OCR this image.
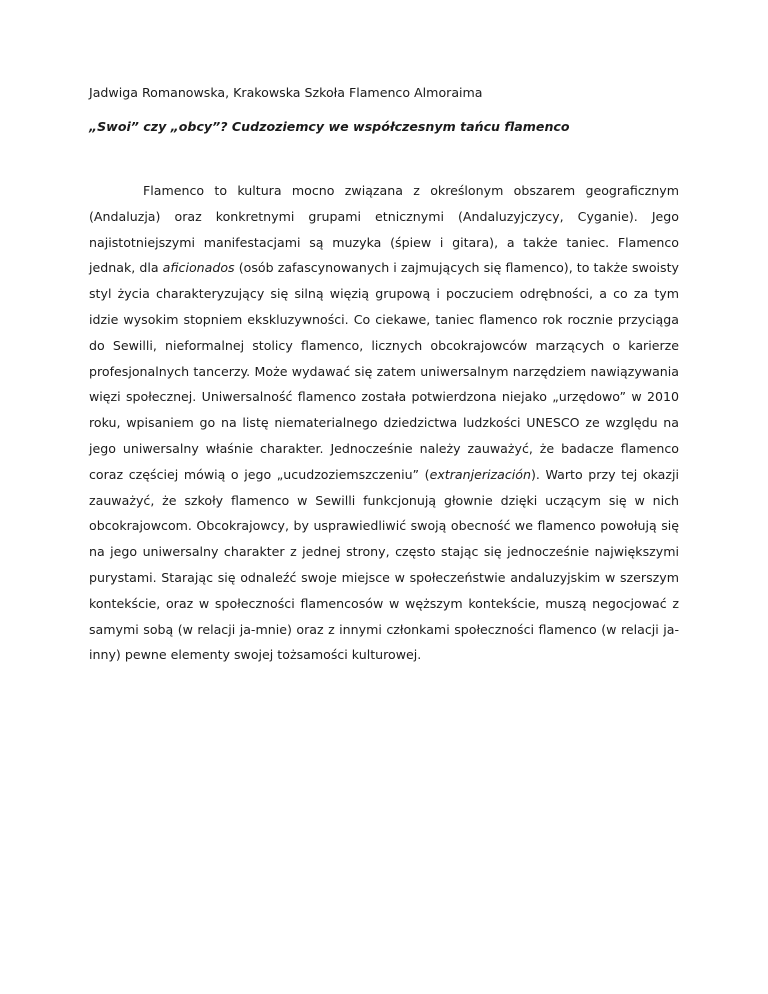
Jadwiga Romanowska, Krakowska Szkoła Flamenco Almoraima
„Swoi” czy „obcy”? Cudzoziemcy we współczesnym tańcu flamenco

Flamenco to kultura mocno związana z określonym obszarem geograficznym (Andaluzja) oraz konkretnymi grupami etnicznymi (Andaluzyjczycy, Cyganie). Jego najistotniejszymi manifestacjami są muzyka (śpiew i gitara), a także taniec. Flamenco jednak, dla aficionados (osób zafascynowanych i zajmujących się flamenco), to także swoisty styl życia charakteryzujący się silną więzią grupową i poczuciem odrębności, a co za tym idzie wysokim stopniem ekskluzywności. Co ciekawe, taniec flamenco rok rocznie przyciąga do Sewilli, nieformalnej stolicy flamenco, licznych obcokrajowców marzących o karierze profesjonalnych tancerzy. Może wydawać się zatem uniwersalnym narzędziem nawiązywania więzi społecznej. Uniwersalność flamenco została potwierdzona niejako „urzędowo” w 2010 roku, wpisaniem go na listę niematerialnego dziedzictwa ludzkości UNESCO ze względu na jego uniwersalny właśnie charakter. Jednocześnie należy zauważyć, że badacze flamenco coraz częściej mówią o jego „ucudzoziemszczeniu” (extranjerización). Warto przy tej okazji zauważyć, że szkoły flamenco w Sewilli funkcjonują głownie dzięki uczącym się w nich obcokrajowcom. Obcokrajowcy, by usprawiedliwić swoją obecność we flamenco powołują się na jego uniwersalny charakter z jednej strony, często stając się jednocześnie największymi purystami. Starając się odnaleźć swoje miejsce w społeczeństwie andaluzyjskim w szerszym kontekście, oraz w społeczności flamencosów w węższym kontekście, muszą negocjować z samymi sobą (w relacji ja-mnie) oraz z innymi członkami społeczności flamenco (w relacji ja-inny) pewne elementy swojej tożsamości kulturowej.
